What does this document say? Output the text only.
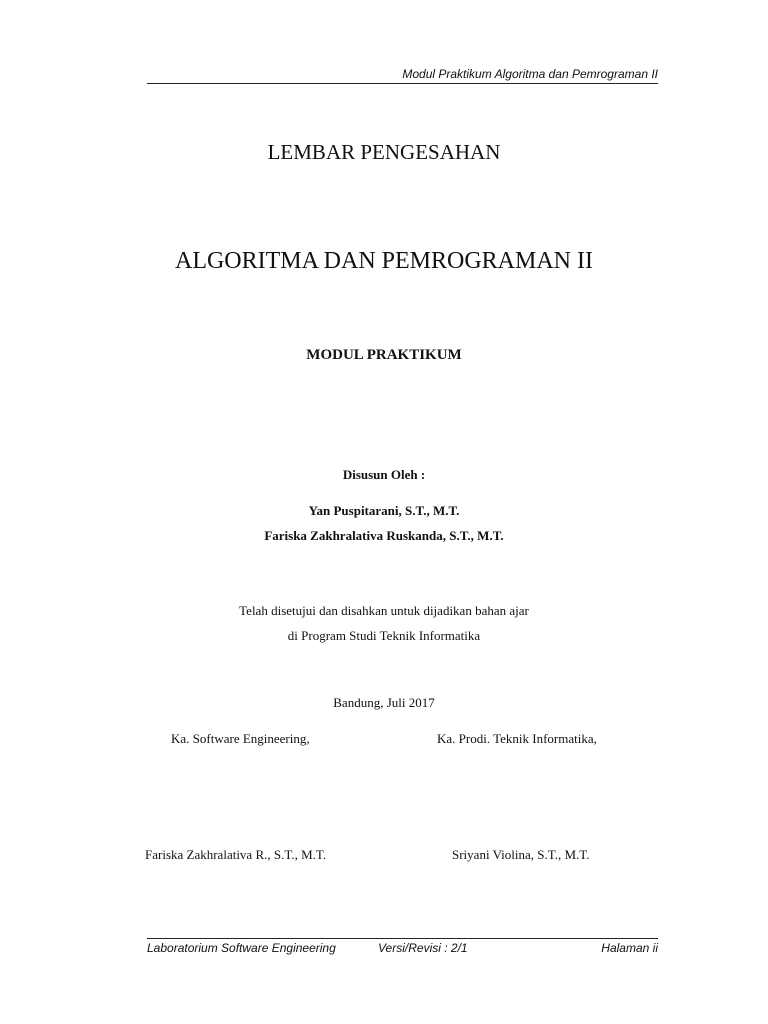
Modul Praktikum Algoritma dan Pemrograman II
LEMBAR PENGESAHAN
ALGORITMA DAN PEMROGRAMAN II
MODUL PRAKTIKUM
Disusun Oleh :
Yan Puspitarani, S.T., M.T.
Fariska Zakhralativa Ruskanda, S.T., M.T.
Telah disetujui dan disahkan untuk dijadikan bahan ajar
di Program Studi Teknik Informatika
Bandung, Juli 2017
Ka. Software Engineering,	Ka. Prodi. Teknik Informatika,
Fariska Zakhralativa R., S.T., M.T.	Sriyani Violina, S.T., M.T.
Laboratorium Software Engineering	Versi/Revisi : 2/1	Halaman ii
